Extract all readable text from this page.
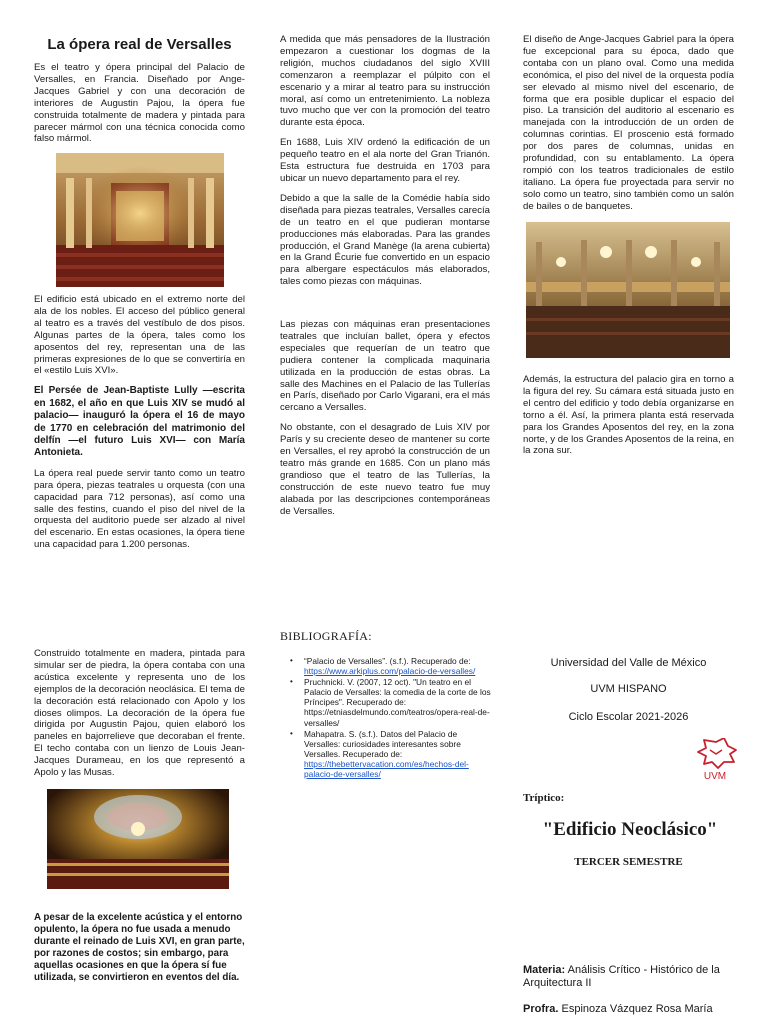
La ópera real de Versalles

Es el teatro y ópera principal del Palacio de Versalles, en Francia. Diseñado por Ange-Jacques Gabriel y con una decoración de interiores de Augustin Pajou, la ópera fue construida totalmente de madera y pintada para parecer mármol con una técnica conocida como falso mármol.

El edificio está ubicado en el extremo norte del ala de los nobles. El acceso del público general al teatro es a través del vestíbulo de dos pisos. Algunas partes de la ópera, tales como los aposentos del rey, representan una de las primeras expresiones de lo que se convertiría en el «estilo Luis XVI».

El Persée de Jean-Baptiste Lully —escrita en 1682, el año en que Luis XIV se mudó al palacio— inauguró la ópera el 16 de mayo de 1770 en celebración del matrimonio del delfín —el futuro Luis XVI— con María Antonieta.

La ópera real puede servir tanto como un teatro para ópera, piezas teatrales u orquesta (con una capacidad para 712 personas), así como una salle des festins, cuando el piso del nivel de la orquesta del auditorio puede ser alzado al nivel del escenario. En estas ocasiones, la ópera tiene una capacidad para 1.200 personas.

Construido totalmente en madera, pintada para simular ser de piedra, la ópera contaba con una acústica excelente y representa uno de los ejemplos de la decoración neoclásica. El tema de la decoración está relacionado con Apolo y los dioses olimpos. La decoración de la ópera fue dirigida por Augustin Pajou, quien elaboró los paneles en bajorrelieve que decoraban el frente. El techo contaba con un lienzo de Louis Jean-Jacques Durameau, en los que representó a Apolo y las Musas.

A pesar de la excelente acústica y el entorno opulento, la ópera no fue usada a menudo durante el reinado de Luis XVI, en gran parte, por razones de costos; sin embargo, para aquellas ocasiones en que la ópera sí fue utilizada, se convirtieron en eventos del día.

A medida que más pensadores de la Ilustración empezaron a cuestionar los dogmas de la religión, muchos ciudadanos del siglo XVIII comenzaron a reemplazar el púlpito con el escenario y a mirar al teatro para su instrucción moral, así como un entretenimiento. La nobleza tuvo mucho que ver con la promoción del teatro durante esta época.

En 1688, Luis XIV ordenó la edificación de un pequeño teatro en el ala norte del Gran Trianón. Esta estructura fue destruida en 1703 para ubicar un nuevo departamento para el rey.

Debido a que la salle de la Comédie había sido diseñada para piezas teatrales, Versalles carecía de un teatro en el que pudieran montarse producciones más elaboradas. Para las grandes producción, el Grand Manège (la arena cubierta) en la Grand Écurie fue convertido en un espacio para albergare espectáculos más elaborados, tales como piezas con máquinas.

Las piezas con máquinas eran presentaciones teatrales que incluían ballet, ópera y efectos especiales que requerían de un teatro que pudiera contener la complicada maquinaria utilizada en la producción de estas obras. La salle des Machines en el Palacio de las Tullerías en París, diseñado por Carlo Vigarani, era el más cercano a Versalles.

No obstante, con el desagrado de Luis XIV por París y su creciente deseo de mantener su corte en Versalles, el rey aprobó la construcción de un teatro más grande en 1685. Con un plano más grandioso que el teatro de las Tullerías, la construcción de este nuevo teatro fue muy alabada por las descripciones contemporáneas de Versalles.

BIBLIOGRAFÍA:
• “Palacio de Versalles”. (s.f.). Recuperado de: https://www.arkiplus.com/palacio-de-versalles/
• Pruchnicki. V. (2007, 12 oct). "Un teatro en el Palacio de Versalles: la comedia de la corte de los Príncipes". Recuperado de: https://etniasdelmundo.com/teatros/opera-real-de-versalles/
• Mahapatra. S. (s.f.). Datos del Palacio de Versalles: curiosidades interesantes sobre Versalles. Recuperado de: https://thebettervacation.com/es/hechos-del-palacio-de-versalles/

El diseño de Ange-Jacques Gabriel para la ópera fue excepcional para su época, dado que contaba con un plano oval. Como una medida económica, el piso del nivel de la orquesta podía ser elevado al mismo nivel del escenario, de forma que era posible duplicar el espacio del piso. La transición del auditorio al escenario es manejada con la introducción de un orden de columnas corintias. El proscenio está formado por dos pares de columnas, unidas en profundidad, con su entablamento. La ópera rompió con los teatros tradicionales de estilo italiano. La ópera fue proyectada para servir no solo como un teatro, sino también como un salón de bailes o de banquetes.

Además, la estructura del palacio gira en torno a la figura del rey. Su cámara está situada justo en el centro del edificio y todo debía organizarse en torno a él. Así, la primera planta está reservada para los Grandes Aposentos del rey, en la zona norte, y de los Grandes Aposentos de la reina, en la zona sur.

Universidad del Valle de México
UVM HISPANO
Ciclo Escolar 2021-2026
UVM
Tríptico:
"Edificio Neoclásico"
TERCER SEMESTRE
Materia: Análisis Crítico - Histórico de la Arquitectura II
Profra. Espinoza Vázquez Rosa María
